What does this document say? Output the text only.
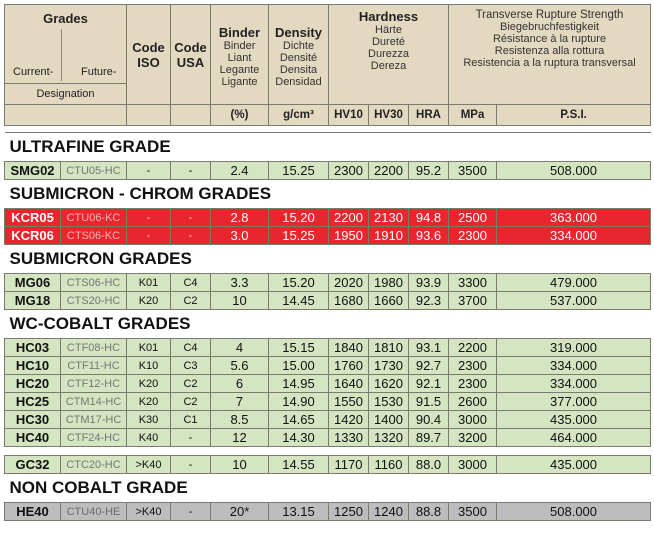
Grades
Current- Future-		Code ISO	Code USA	Binder
Binder
Liant
Legante
Ligante	Density
Dichte
Densité
Densita
Densidad	Hardness
Härte
Dureté
Durezza
Dereza			Transverse Rupture Strength
Biegebruchfestigkeit
Résistance à la rupture
Resistenza alla rottura
Resistencia a la ruptura transversal	

Designation										
				(%)	g/cm³	HV10	HV30	HRA	MPa	P.S.I.

ULTRAFINE GRADE										
SMG02	CTU05-HC	-	-	2.4	15.25	2300	2200	95.2	3500	508.000
SUBMICRON - CHROM GRADES										
KCR05	CTU06-KC	-	-	2.8	15.20	2200	2130	94.8	2500	363.000
KCR06	CTS06-KC	-	-	3.0	15.25	1950	1910	93.6	2300	334.000
SUBMICRON GRADES										
MG06	CTS06-HC	K01	C4	3.3	15.20	2020	1980	93.9	3300	479.000
MG18	CTS20-HC	K20	C2	10	14.45	1680	1660	92.3	3700	537.000
WC-COBALT GRADES										
HC03	CTF08-HC	K01	C4	4	15.15	1840	1810	93.1	2200	319.000
HC10	CTF11-HC	K10	C3	5.6	15.00	1760	1730	92.7	2300	334.000
HC20	CTF12-HC	K20	C2	6	14.95	1640	1620	92.1	2300	334.000
HC25	CTM14-HC	K20	C2	7	14.90	1550	1530	91.5	2600	377.000
HC30	CTM17-HC	K30	C1	8.5	14.65	1420	1400	90.4	3000	435.000
HC40	CTF24-HC	K40	-	12	14.30	1330	1320	89.7	3200	464.000

GC32	CTC20-HC	>K40	-	10	14.55	1170	1160	88.0	3000	435.000
NON COBALT GRADE										
HE40	CTU40-HE	>K40	-	20*	13.15	1250	1240	88.8	3500	508.000
